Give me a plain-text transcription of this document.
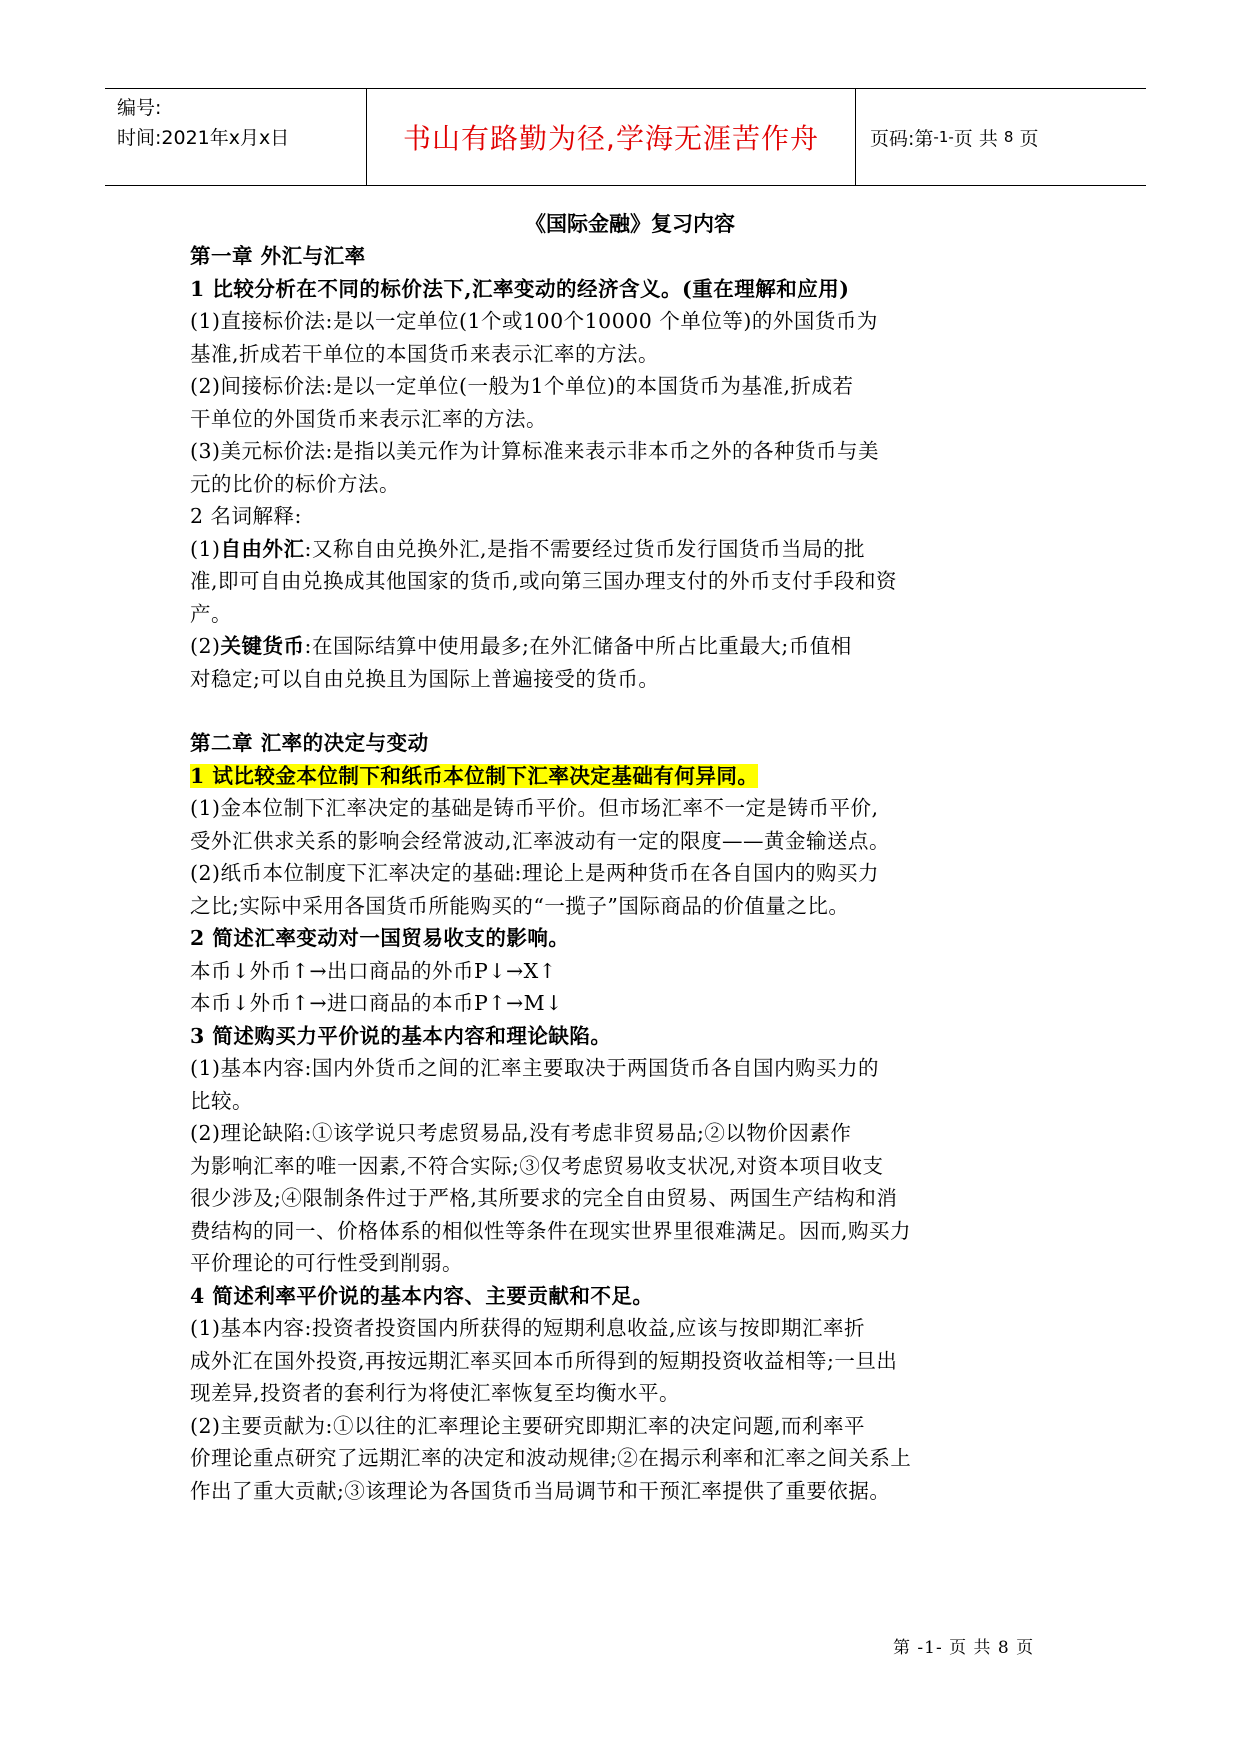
编号:
时间:2021年x月x日	书山有路勤为径,学海无涯苦作舟	页码:第 -1- 页 共
8
页
《国际金融》复习内容
第一章 外汇与汇率
1 比较分析在不同的标价法下,汇率变动的经济含义。(重在理解和应用)
(1)直接标价法:是以一定单位(1个或100个10000 个单位等)的外国货币为
基准,折成若干单位的本国货币来表示汇率的方法。
(2)间接标价法:是以一定单位(一般为1个单位)的本国货币为基准,折成若
干单位的外国货币来表示汇率的方法。
(3)美元标价法:是指以美元作为计算标准来表示非本币之外的各种货币与美
元的比价的标价方法。
2 名词解释:
(1)自由外汇:又称自由兑换外汇,是指不需要经过货币发行国货币当局的批
准,即可自由兑换成其他国家的货币,或向第三国办理支付的外币支付手段和资
产。
(2)关键货币:在国际结算中使用最多;在外汇储备中所占比重最大;币值相
对稳定;可以自由兑换且为国际上普遍接受的货币。
第二章 汇率的决定与变动
1 试比较金本位制下和纸币本位制下汇率决定基础有何异同。
(1)金本位制下汇率决定的基础是铸币平价。但市场汇率不一定是铸币平价,
受外汇供求关系的影响会经常波动,汇率波动有一定的限度——黄金输送点。
(2)纸币本位制度下汇率决定的基础:理论上是两种货币在各自国内的购买力
之比;实际中采用各国货币所能购买的“一揽子”国际商品的价值量之比。
2 简述汇率变动对一国贸易收支的影响。
本币↓外币↑→出口商品的外币P↓→X↑
本币↓外币↑→进口商品的本币P↑→M↓
3 简述购买力平价说的基本内容和理论缺陷。
(1)基本内容:国内外货币之间的汇率主要取决于两国货币各自国内购买力的
比较。
(2)理论缺陷:①该学说只考虑贸易品,没有考虑非贸易品;②以物价因素作
为影响汇率的唯一因素,不符合实际;③仅考虑贸易收支状况,对资本项目收支
很少涉及;④限制条件过于严格,其所要求的完全自由贸易、两国生产结构和消
费结构的同一、价格体系的相似性等条件在现实世界里很难满足。因而,购买力
平价理论的可行性受到削弱。
4 简述利率平价说的基本内容、主要贡献和不足。
(1)基本内容:投资者投资国内所获得的短期利息收益,应该与按即期汇率折
成外汇在国外投资,再按远期汇率买回本币所得到的短期投资收益相等;一旦出
现差异,投资者的套利行为将使汇率恢复至均衡水平。
(2)主要贡献为:①以往的汇率理论主要研究即期汇率的决定问题,而利率平
价理论重点研究了远期汇率的决定和波动规律;②在揭示利率和汇率之间关系上
作出了重大贡献;③该理论为各国货币当局调节和干预汇率提供了重要依据。
第 -1- 页 共 8 页
